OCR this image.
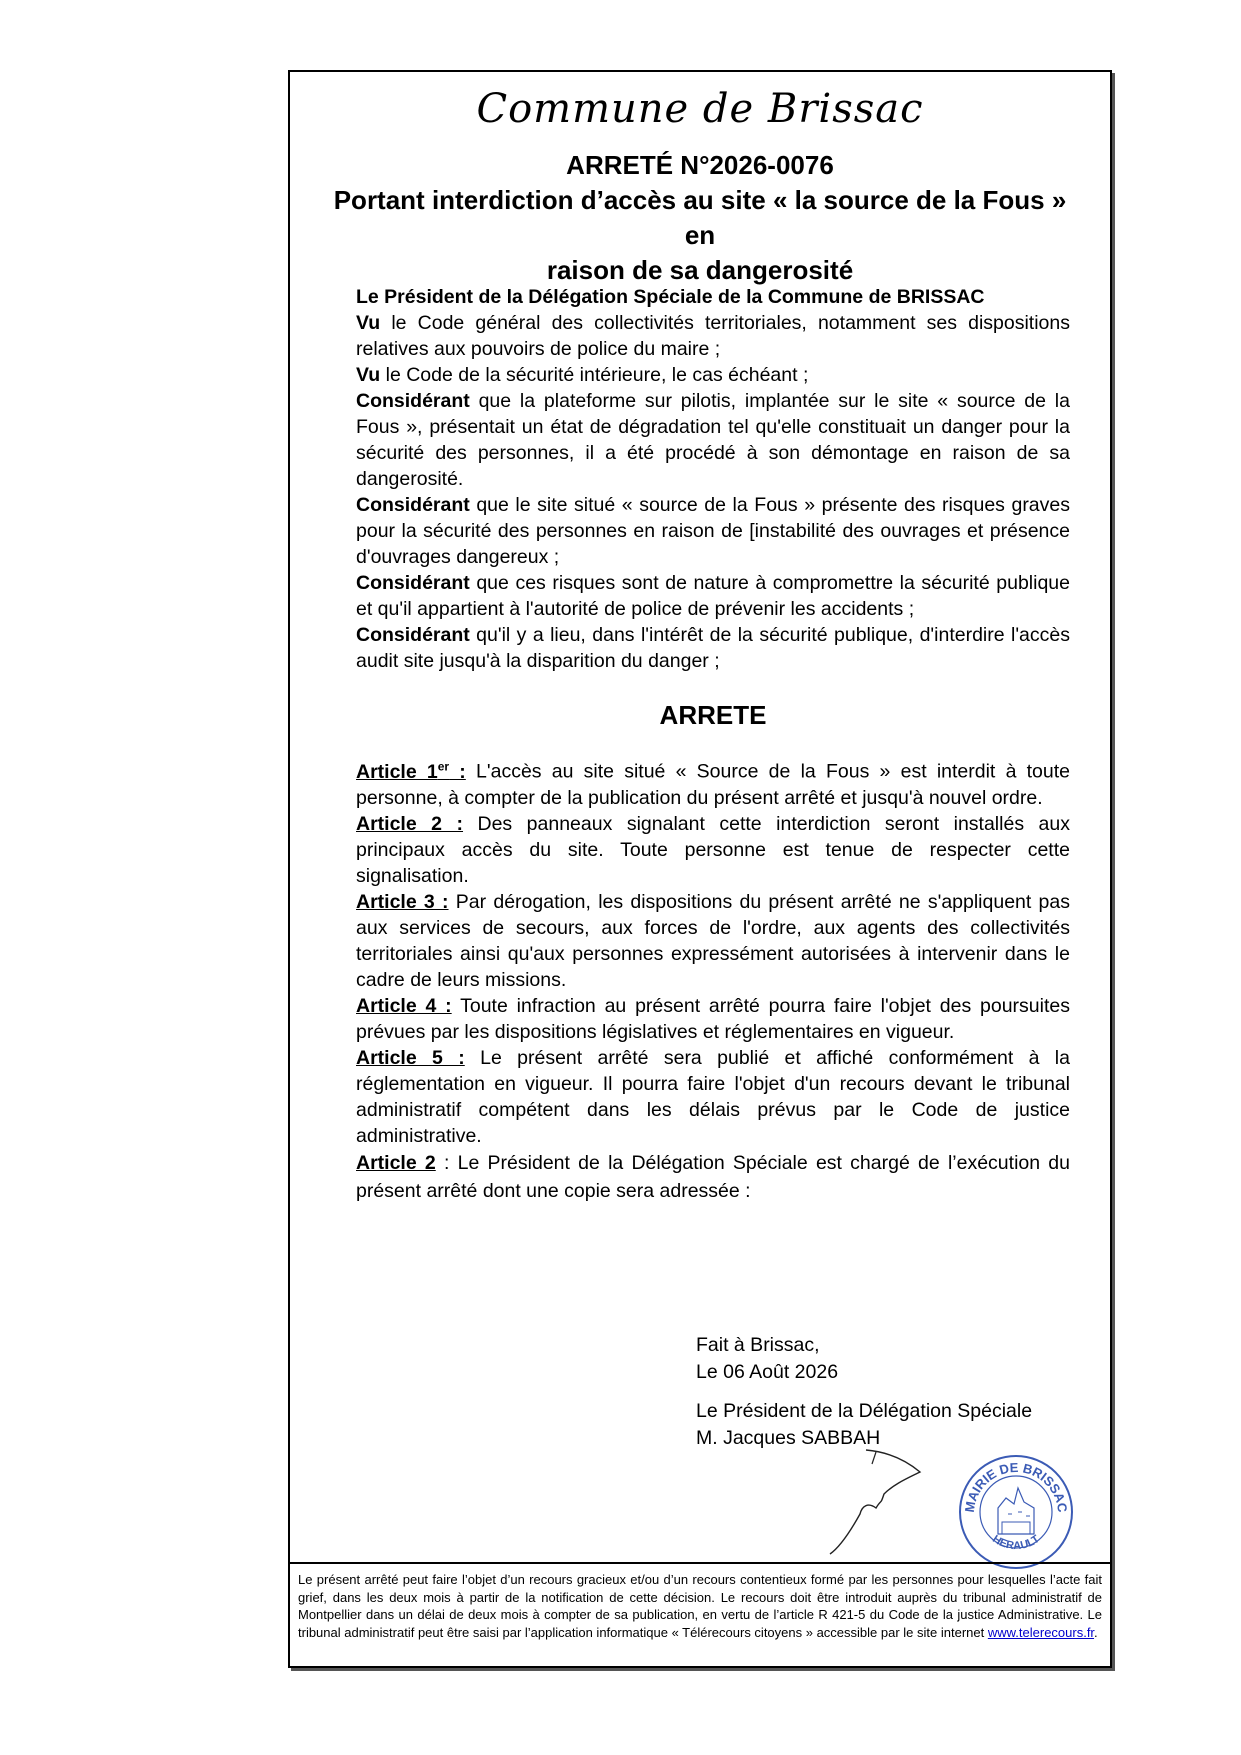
Commune de Brissac
ARRETÉ N°2026-0076
Portant interdiction d’accès au site « la source de la Fous » en
raison de sa dangerosité

Le Président de la Délégation Spéciale de la Commune de BRISSAC

Vu le Code général des collectivités territoriales, notamment ses dispositions relatives aux pouvoirs de police du maire ;

Vu le Code de la sécurité intérieure, le cas échéant ;

Considérant que la plateforme sur pilotis, implantée sur le site « source de la Fous », présentait un état de dégradation tel qu'elle constituait un danger pour la sécurité des personnes, il a été procédé à son démontage en raison de sa dangerosité.

Considérant que le site situé « source de la Fous » présente des risques graves pour la sécurité des personnes en raison de [instabilité des ouvrages et présence d'ouvrages dangereux ;

Considérant que ces risques sont de nature à compromettre la sécurité publique et qu'il appartient à l'autorité de police de prévenir les accidents ;

Considérant qu'il y a lieu, dans l'intérêt de la sécurité publique, d'interdire l'accès audit site jusqu'à la disparition du danger ;

ARRETE

Article 1er : L'accès au site situé « Source de la Fous » est interdit à toute personne, à compter de la publication du présent arrêté et jusqu'à nouvel ordre.

Article 2 : Des panneaux signalant cette interdiction seront installés aux principaux accès du site. Toute personne est tenue de respecter cette signalisation.

Article 3 : Par dérogation, les dispositions du présent arrêté ne s'appliquent pas aux services de secours, aux forces de l'ordre, aux agents des collectivités territoriales ainsi qu'aux personnes expressément autorisées à intervenir dans le cadre de leurs missions.

Article 4 : Toute infraction au présent arrêté pourra faire l'objet des poursuites prévues par les dispositions législatives et réglementaires en vigueur.

Article 5 : Le présent arrêté sera publié et affiché conformément à la réglementation en vigueur. Il pourra faire l'objet d'un recours devant le tribunal administratif compétent dans les délais prévus par le Code de justice administrative.

Article 2 : Le Président de la Délégation Spéciale est chargé de l’exécution du présent arrêté dont une copie sera adressée :

Fait à Brissac,
Le 06 Août 2026
Le Président de la Délégation Spéciale
M. Jacques SABBAH
MAIRIE DE BRISSAC
HERAULT
Le présent arrêté peut faire l’objet d’un recours gracieux et/ou d’un recours contentieux formé par les personnes pour lesquelles l’acte fait grief, dans les deux mois à partir de la notification de cette décision. Le recours doit être introduit auprès du tribunal administratif de Montpellier dans un délai de deux mois à compter de sa publication, en vertu de l’article R 421-5 du Code de la justice Administrative. Le tribunal administratif peut être saisi par l’application informatique « Télérecours citoyens » accessible par le site internet www.telerecours.fr.
